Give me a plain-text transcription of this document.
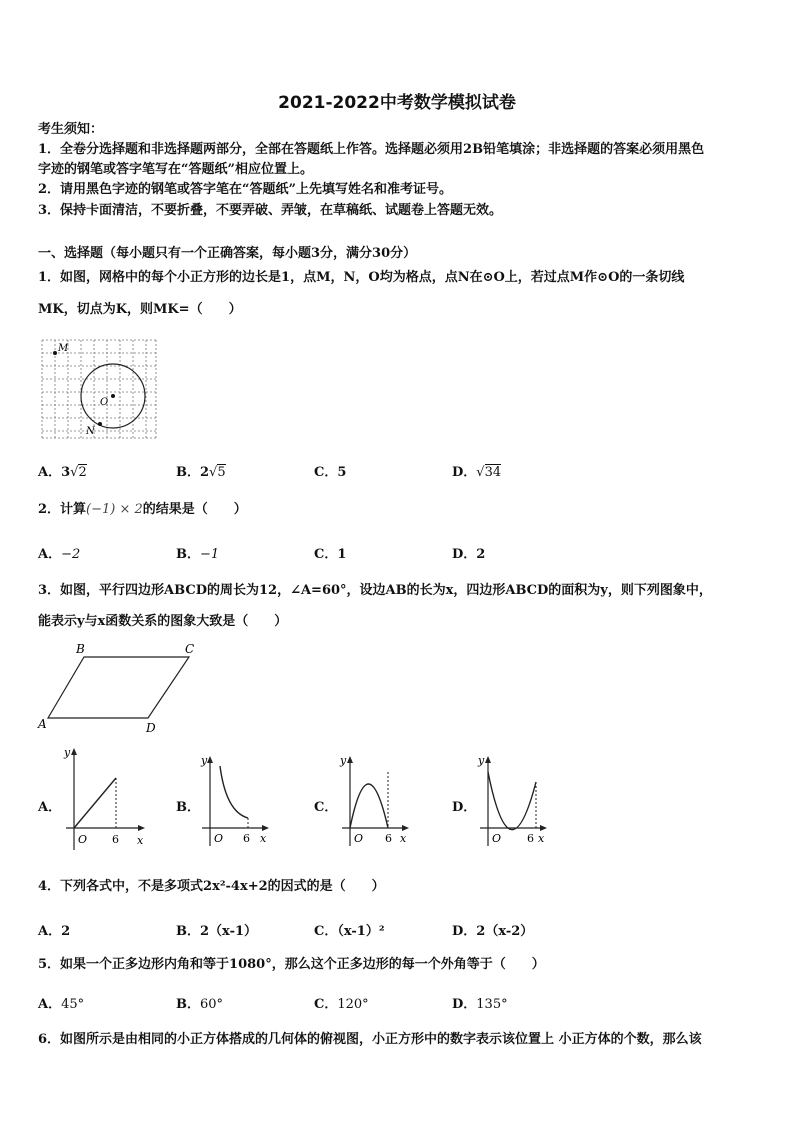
2021-2022中考数学模拟试卷
考生须知：
1．全卷分选择题和非选择题两部分，全部在答题纸上作答。选择题必须用2B铅笔填涂；非选择题的答案必须用黑色
字迹的钢笔或答字笔写在“答题纸”相应位置上。
2．请用黑色字迹的钢笔或答字笔在“答题纸”上先填写姓名和准考证号。
3．保持卡面清洁，不要折叠，不要弄破、弄皱，在草稿纸、试题卷上答题无效。
一、选择题（每小题只有一个正确答案，每小题3分，满分30分）
1．如图，网格中的每个小正方形的边长是1，点M，N，O均为格点，点N在⊙O上，若过点M作⊙O的一条切线
MK，切点为K，则MK=（　　）
M
O
N
A．3√2	B．2√5	C．5	D．√34
2．计算(−1) × 2的结果是（　　）
A．−2	B．−1	C．1	D．2
3．如图，平行四边形ABCD的周长为12，∠A=60°，设边AB的长为x，四边形ABCD的面积为y，则下列图象中，
能表示y与x函数关系的图象大致是（　　）
A
B	C
D
A．
y
x
O 6
B．
y
x
O 6
C．
y
x
O 6
D．
y
x
O 6
4．下列各式中，不是多项式2x²-4x+2的因式的是（　　）
A．2	B．2（x-1）	C．（x-1）²	D．2（x-2）
5．如果一个正多边形内角和等于1080°，那么这个正多边形的每一个外角等于（　　）
A．45°	B．60°	C．120°	D．135°
6．如图所示是由相同的小正方体搭成的几何体的俯视图，小正方形中的数字表示该位置上 小正方体的个数，那么该
